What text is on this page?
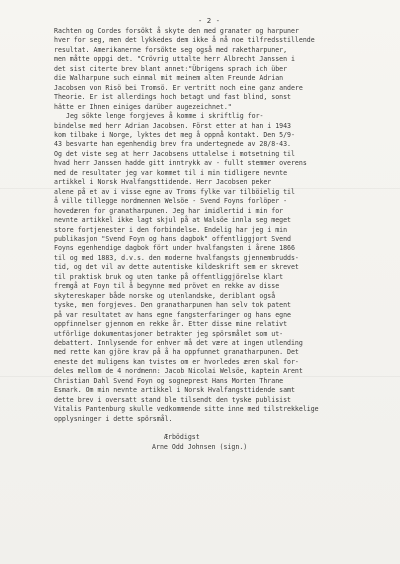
- 2 -
Rachten og Cordes forsökt å skyte den med granater og harpuner
hver for seg, men det lykkedes dem ikke å nå noe tilfredsstillende
resultat. Amerikanerne forsökte seg også med raketharpuner,
men måtte oppgi det. "Crövrig uttalte herr Albrecht Janssen i
det sist citerte brev blant annet:"Übrigens sprach ich über
die Walharpune such einmal mit meinem alten Freunde Adrian
Jacobsen von Risö bei Tromsö. Er vertritt noch eine ganz andere
Theorie. Er ist allerdings hoch betagt und fast blind, sonst
hätte er Ihnen einiges darüber augezeichnet."
Jeg sökte lenge forgjeves å komme i skriftlig for-
bindelse med herr Adrian Jacobsen. Först etter at han i 1943
kom tilbake i Norge, lyktes det meg å oppnå kontakt. Den 5/9-
43 besvarte han egenhendig brev fra undertegnede av 28/8-43.
Og det viste seg at herr Jacobsens uttalelse i motsetning til
hvad herr Janssen hadde gitt inntrykk av - fullt stemmer overens
med de resultater jeg var kommet til i min tidligere nevnte
artikkel i Norsk Hvalfangsttidende. Herr Jacobsen peker
alene på et av i visse egne av Troms fylke var tilböielig til
å ville tillegge nordmennen Welsöe - Svend Foyns forlöper -
hovedæren for granatharpunen. Jeg har imidlertid i min for
nevnte artikkel ikke lagt skjul på at Walsöe innla seg meget
store fortjenester i den forbindelse. Endelig har jeg i min
publikasjon "Svend Foyn og hans dagbok" offentliggjort Svend
Foyns egenhendige dagbok fört under hvalfangsten i årene 1866
til og med 1883, d.v.s. den moderne hvalfangsts gjennembrudds-
tid, og det vil av dette autentiske kildeskrift sem er skrevet
til praktisk bruk og uten tanke på offentliggjörelse klart
fremgå at Foyn til å begynne med prövet en rekke av disse
skytereskaper både norske og utenlandske, deriblant også
tyske, men forgjeves. Den granatharpunen han selv tok patent
på var resultatet av hans egne fangsterfaringer og hans egne
oppfinnelser gjennom en rekke år. Etter disse mine relativt
utförlige dokumentasjoner betrakter jeg spörsmålet som ut-
debattert. Innlysende for enhver må det være at ingen utlending
med rette kan gjöre krav på å ha oppfunnet granatharpunen. Det
eneste det muligens kan tvistes om er hvorledes æren skal for-
deles mellom de 4 nordmenn: Jacob Nicolai Welsöe, kaptein Arent
Christian Dahl Svend Foyn og sogneprest Hans Morten Thrane
Esmark. Om min nevnte artikkel i Norsk Hvalfangsttidende samt
dette brev i oversatt stand ble tilsendt den tyske publisist
Vitalis Pantenburg skulle vedkommende sitte inne med tilstrekkelige
opplysninger i dette spörsmål.
Ærbödigst
Arne Odd Johnsen (sign.)
